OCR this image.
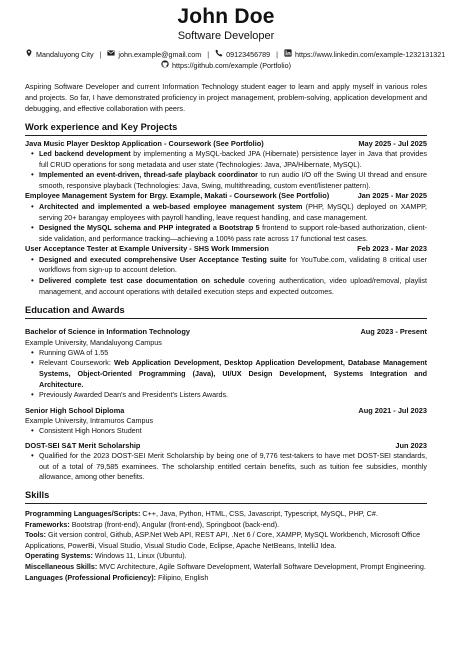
John Doe
Software Developer
Mandaluyong City | john.example@gmail.com | 09123456789 | https://www.linkedin.com/example-1232131321
https://github.com/example (Portfolio)
Aspiring Software Developer and current Information Technology student eager to learn and apply myself in various roles and projects. So far, I have demonstrated proficiency in project management, problem-solving, application development and debugging, and effective collaboration with peers.
Work experience and Key Projects
Java Music Player Desktop Application - Coursework (See Portfolio)	May 2025 - Jul 2025
• Led backend development by implementing a MySQL-backed JPA (Hibernate) persistence layer in Java that provides full CRUD operations for song metadata and user state (Technologies: Java, JPA/Hibernate, MySQL).
• Implemented an event-driven, thread-safe playback coordinator to run audio I/O off the Swing UI thread and ensure smooth, responsive playback (Technologies: Java, Swing, multithreading, custom event/listener pattern).
Employee Management System for Brgy. Example, Makati - Coursework (See Portfolio)	Jan 2025 - Mar 2025
• Architected and implemented a web-based employee management system (PHP, MySQL) deployed on XAMPP, serving 20+ barangay employees with payroll handling, leave request handling, and case management.
• Designed the MySQL schema and PHP integrated a Bootstrap 5 frontend to support role-based authorization, client-side validation, and performance tracking—achieving a 100% pass rate across 17 functional test cases.
User Acceptance Tester at Example University - SHS Work Immersion	Feb 2023 - Mar 2023
• Designed and executed comprehensive User Acceptance Testing suite for YouTube.com, validating 8 critical user workflows from sign-up to account deletion.
• Delivered complete test case documentation on schedule covering authentication, video upload/removal, playlist management, and account operations with detailed execution steps and expected outcomes.
Education and Awards
Bachelor of Science in Information Technology	Aug 2023 - Present
Example University, Mandaluyong Campus
• Running GWA of 1.55
• Relevant Coursework: Web Application Development, Desktop Application Development, Database Management Systems, Object-Oriented Programming (Java), UI/UX Design Development, Systems Integration and Architecture.
• Previously Awarded Dean's and President's Listers Awards.
Senior High School Diploma	Aug 2021 - Jul 2023
Example University, Intramuros Campus
• Consistent High Honors Student
DOST-SEI S&T Merit Scholarship	Jun 2023
• Qualified for the 2023 DOST-SEI Merit Scholarship by being one of 9,776 test-takers to have met DOST-SEI standards, out of a total of 79,585 examinees. The scholarship entitled certain benefits, such as tuition fee subsidies, monthly allowance, among other benefits.
Skills
Programming Languages/Scripts: C++, Java, Python, HTML, CSS, Javascript, Typescript, MySQL, PHP, C#.
Frameworks: Bootstrap (front-end), Angular (front-end), Springboot (back-end).
Tools: Git version control, Github, ASP.Net Web API, REST API, .Net 6 / Core, XAMPP, MySQL Workbench, Microsoft Office Applications, PowerBi, Visual Studio, Visual Studio Code, Eclipse, Apache NetBeans, IntelliJ Idea.
Operating Systems: Windows 11, Linux (Ubuntu).
Miscellaneous Skills: MVC Architecture, Agile Software Development, Waterfall Software Development, Prompt Engineering.
Languages (Professional Proficiency): Filipino, English
